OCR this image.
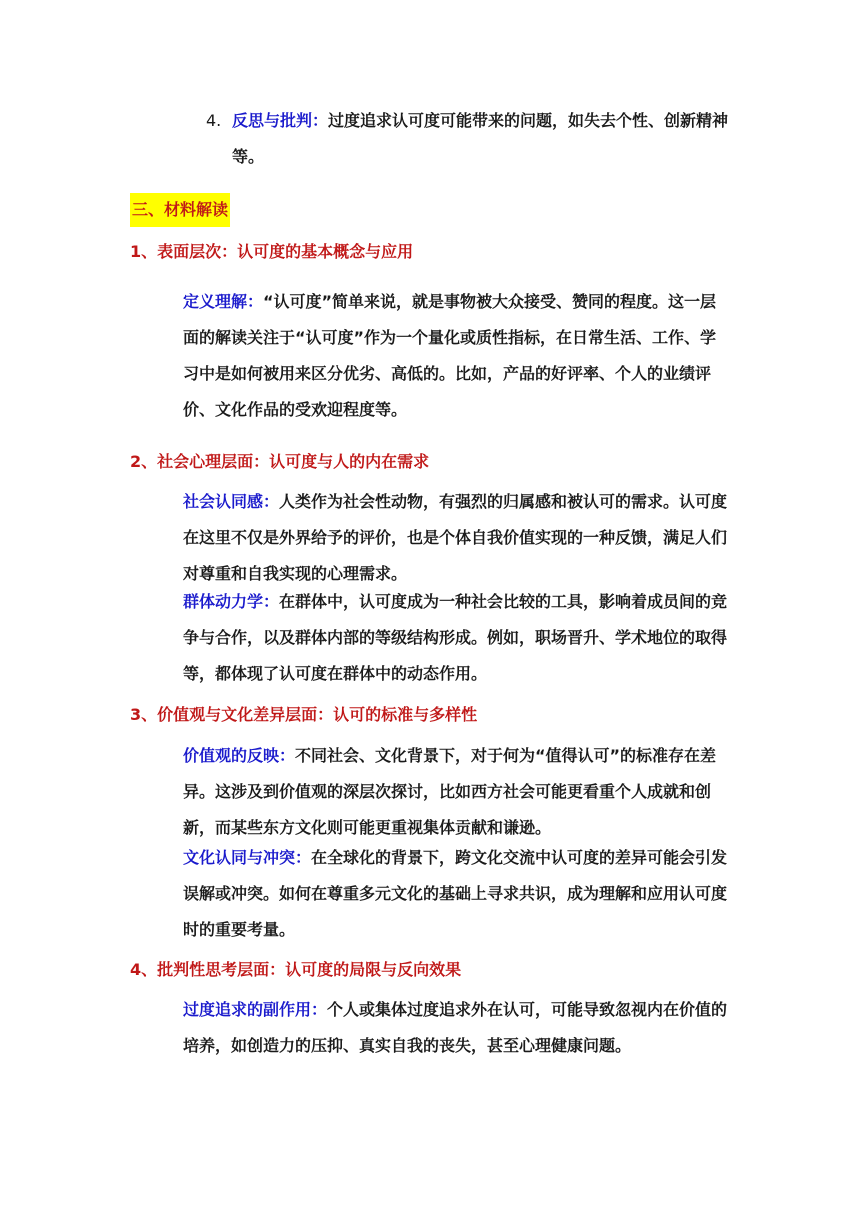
4. 反思与批判：过度追求认可度可能带来的问题，如失去个性、创新精神等。
三、材料解读

1、表面层次：认可度的基本概念与应用

定义理解：“认可度”简单来说，就是事物被大众接受、赞同的程度。这一层面的解读关注于“认可度”作为一个量化或质性指标，在日常生活、工作、学习中是如何被用来区分优劣、高低的。比如，产品的好评率、个人的业绩评价、文化作品的受欢迎程度等。

2、社会心理层面：认可度与人的内在需求

社会认同感：人类作为社会性动物，有强烈的归属感和被认可的需求。认可度在这里不仅是外界给予的评价，也是个体自我价值实现的一种反馈，满足人们对尊重和自我实现的心理需求。

群体动力学：在群体中，认可度成为一种社会比较的工具，影响着成员间的竞争与合作，以及群体内部的等级结构形成。例如，职场晋升、学术地位的取得等，都体现了认可度在群体中的动态作用。

3、价值观与文化差异层面：认可的标准与多样性

价值观的反映：不同社会、文化背景下，对于何为“值得认可”的标准存在差异。这涉及到价值观的深层次探讨，比如西方社会可能更看重个人成就和创新，而某些东方文化则可能更重视集体贡献和谦逊。

文化认同与冲突：在全球化的背景下，跨文化交流中认可度的差异可能会引发误解或冲突。如何在尊重多元文化的基础上寻求共识，成为理解和应用认可度时的重要考量。

4、批判性思考层面：认可度的局限与反向效果

过度追求的副作用：个人或集体过度追求外在认可，可能导致忽视内在价值的培养，如创造力的压抑、真实自我的丧失，甚至心理健康问题。
